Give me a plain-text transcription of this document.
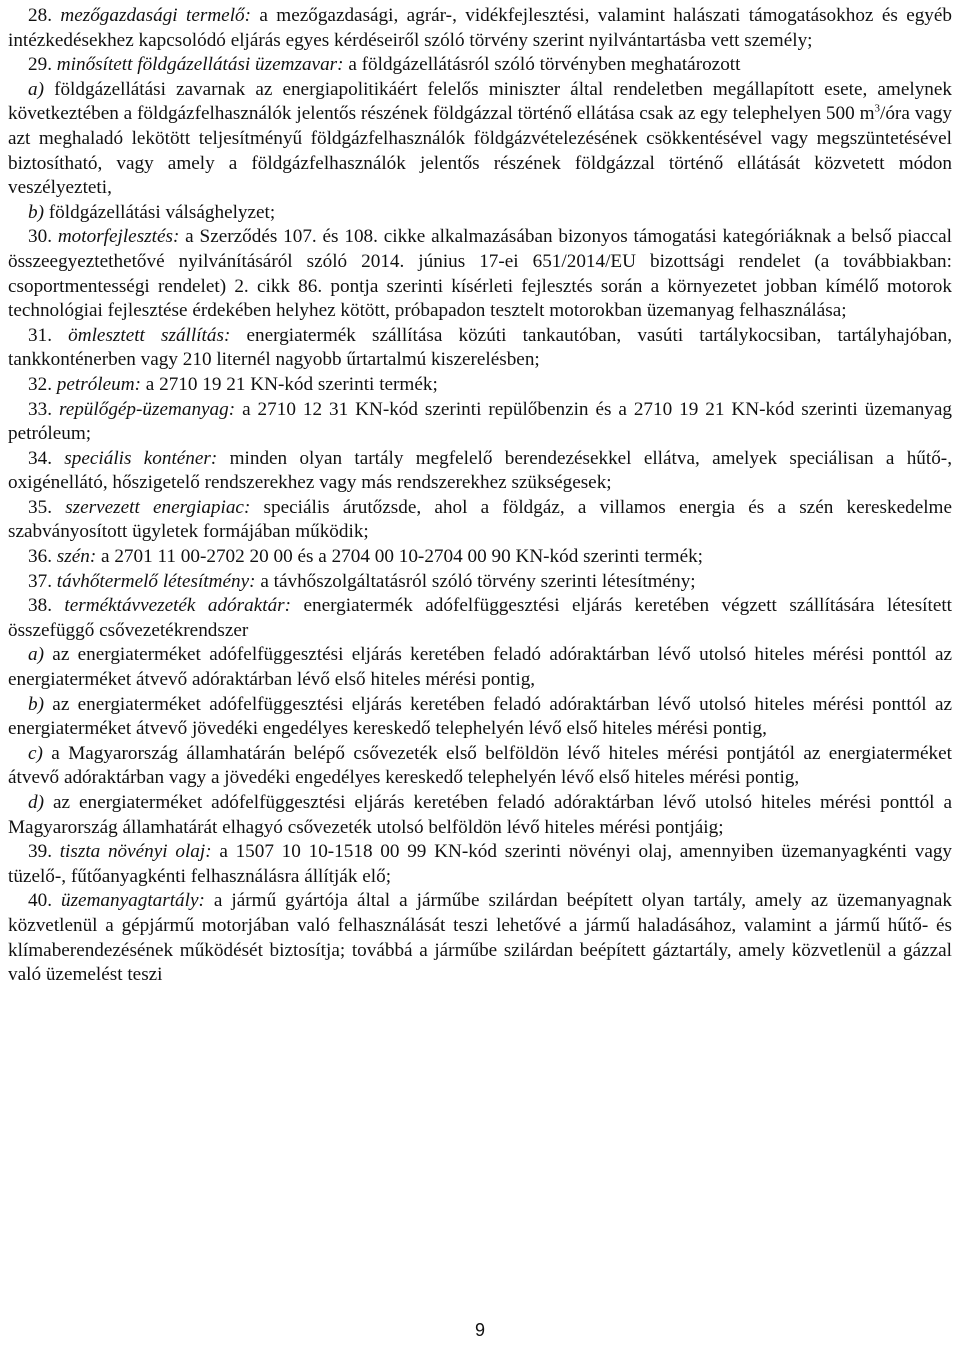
28. mezőgazdasági termelő: a mezőgazdasági, agrár-, vidékfejlesztési, valamint halászati támogatásokhoz és egyéb intézkedésekhez kapcsolódó eljárás egyes kérdéseiről szóló törvény szerint nyilvántartásba vett személy;

29. minősített földgázellátási üzemzavar: a földgázellátásról szóló törvényben meghatározott

a) földgázellátási zavarnak az energiapolitikáért felelős miniszter által rendeletben megállapított esete, amelynek következtében a földgázfelhasználók jelentős részének földgázzal történő ellátása csak az egy telephelyen 500 $m^3$/óra vagy azt meghaladó lekötött teljesítményű földgázfelhasználók földgázvételezésének csökkentésével vagy megszüntetésével biztosítható, vagy amely a földgázfelhasználók jelentős részének földgázzal történő ellátását közvetett módon veszélyezteti,

b) földgázellátási válsághelyzet;

30. motorfejlesztés: a Szerződés 107. és 108. cikke alkalmazásában bizonyos támogatási kategóriáknak a belső piaccal összeegyeztethetővé nyilvánításáról szóló 2014. június 17-ei 651/2014/EU bizottsági rendelet (a továbbiakban: csoportmentességi rendelet) 2. cikk 86. pontja szerinti kísérleti fejlesztés során a környezetet jobban kímélő motorok technológiai fejlesztése érdekében helyhez kötött, próbapadon tesztelt motorokban üzemanyag felhasználása;

31. ömlesztett szállítás: energiatermék szállítása közúti tankautóban, vasúti tartálykocsiban, tartályhajóban, tankkonténerben vagy 210 liternél nagyobb űrtartalmú kiszerelésben;

32. petróleum: a 2710 19 21 KN-kód szerinti termék;

33. repülőgép-üzemanyag: a 2710 12 31 KN-kód szerinti repülőbenzin és a 2710 19 21 KN-kód szerinti üzemanyag petróleum;

34. speciális konténer: minden olyan tartály megfelelő berendezésekkel ellátva, amelyek speciálisan a hűtő-, oxigénellátó, hőszigetelő rendszerekhez vagy más rendszerekhez szükségesek;

35. szervezett energiapiac: speciális árutőzsde, ahol a földgáz, a villamos energia és a szén kereskedelme szabványosított ügyletek formájában működik;

36. szén: a 2701 11 00-2702 20 00 és a 2704 00 10-2704 00 90 KN-kód szerinti termék;

37. távhőtermelő létesítmény: a távhőszolgáltatásról szóló törvény szerinti létesítmény;

38. terméktávvezeték adóraktár: energiatermék adófelfüggesztési eljárás keretében végzett szállítására létesített összefüggő csővezetékrendszer

a) az energiaterméket adófelfüggesztési eljárás keretében feladó adóraktárban lévő utolsó hiteles mérési ponttól az energiaterméket átvevő adóraktárban lévő első hiteles mérési pontig,

b) az energiaterméket adófelfüggesztési eljárás keretében feladó adóraktárban lévő utolsó hiteles mérési ponttól az energiaterméket átvevő jövedéki engedélyes kereskedő telephelyén lévő első hiteles mérési pontig,

c) a Magyarország államhatárán belépő csővezeték első belföldön lévő hiteles mérési pontjától az energiaterméket átvevő adóraktárban vagy a jövedéki engedélyes kereskedő telephelyén lévő első hiteles mérési pontig,

d) az energiaterméket adófelfüggesztési eljárás keretében feladó adóraktárban lévő utolsó hiteles mérési ponttól a Magyarország államhatárát elhagyó csővezeték utolsó belföldön lévő hiteles mérési pontjáig;

39. tiszta növényi olaj: a 1507 10 10-1518 00 99 KN-kód szerinti növényi olaj, amennyiben üzemanyagkénti vagy tüzelő-, fűtőanyagkénti felhasználásra állítják elő;

40. üzemanyagtartály: a jármű gyártója által a járműbe szilárdan beépített olyan tartály, amely az üzemanyagnak közvetlenül a gépjármű motorjában való felhasználását teszi lehetővé a jármű haladásához, valamint a jármű hűtő- és klímaberendezésének működését biztosítja; továbbá a járműbe szilárdan beépített gáztartály, amely közvetlenül a gázzal való üzemelést teszi

9
